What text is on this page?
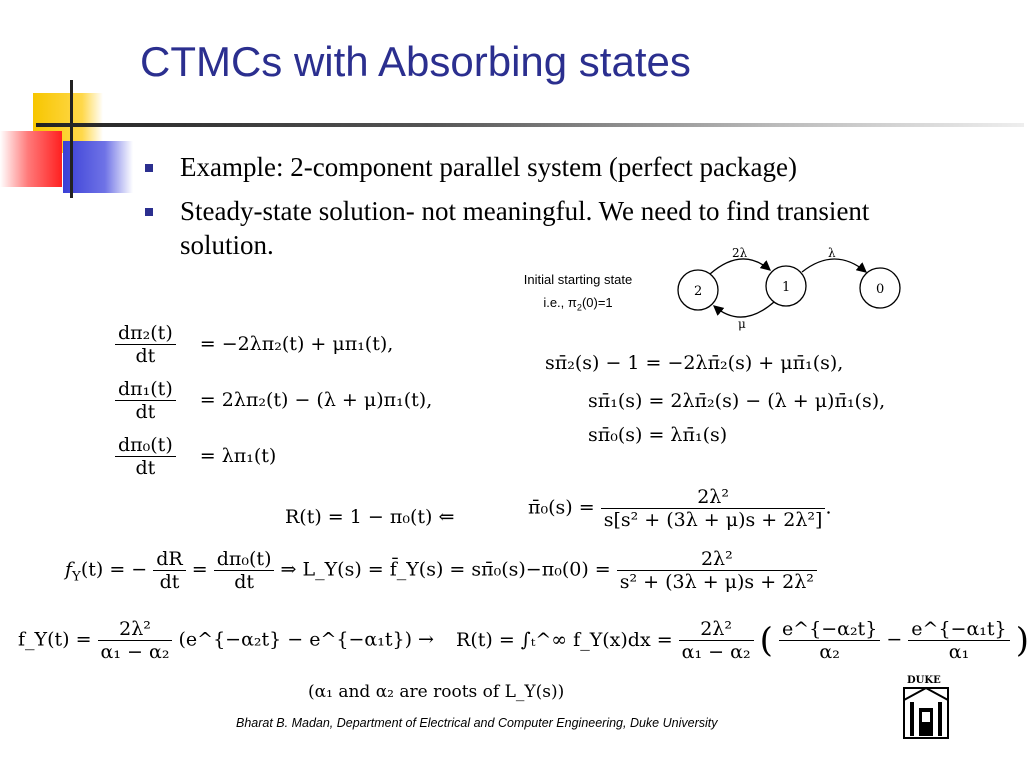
CTMCs with Absorbing states
Example: 2-component parallel system (perfect package)
Steady-state solution- not meaningful. We need to find transient solution.
Initial starting state
i.e., $\pi_2(0)=1$
2	1	0
2λ	λ
μ
$\frac{\text{dπ₂(t)}}{dt} = -2\lambda\pi_2(t) + \mu\pi_1(t)$,
$\frac{\text{dπ₁(t)}}{dt} = 2\lambda\pi_2(t) - (\lambda + \mu)\pi_1(t)$,
$\frac{\text{dπ₀(t)}}{dt} = \lambda\pi_1(t)$
sπ̄₂(s) − 1 = −2λπ̄₂(s) + μπ̄₁(s),
sπ̄₁(s) = 2λπ̄₂(s) − (λ + μ)π̄₁(s),
sπ̄₀(s) = λπ̄₁(s)
R(t) = 1 − π₀(t) ⇐	π̄₀(s) = $\frac{\text{2λ²}}{\text{s[s² + (3λ + μ)s + 2λ²]}}$ .
$f_Y(t)$ = − $\frac{dR}{dt} = \frac{\text{dπ₀(t)}}{dt}$ ⇒ L_Y(s) = f̄_Y(s) = sπ̄₀(s)−π₀(0) = $\frac{\text{2λ²}}{\text{s² + (3λ + μ)s + 2λ²}}$
f_Y(t) = $\frac{\text{2λ²}}{\text{α₁ − α₂}}$ (e^{−α₂t} − e^{−α₁t}) → R(t) = ∫ₜ^∞ f_Y(x)dx = $\frac{\text{2λ²}}{\text{α₁ − α₂}}$ ( $\frac{\text{e\textasciicircum{}\{−α₂t\}}}{\text{α₂}} - \frac{\text{e\textasciicircum{}\{−α₁t\}}}{\text{α₁}}$ )
(α₁ and α₂ are roots of L_Y(s))
Bharat B. Madan, Department of Electrical and Computer Engineering, Duke University
DUKE
